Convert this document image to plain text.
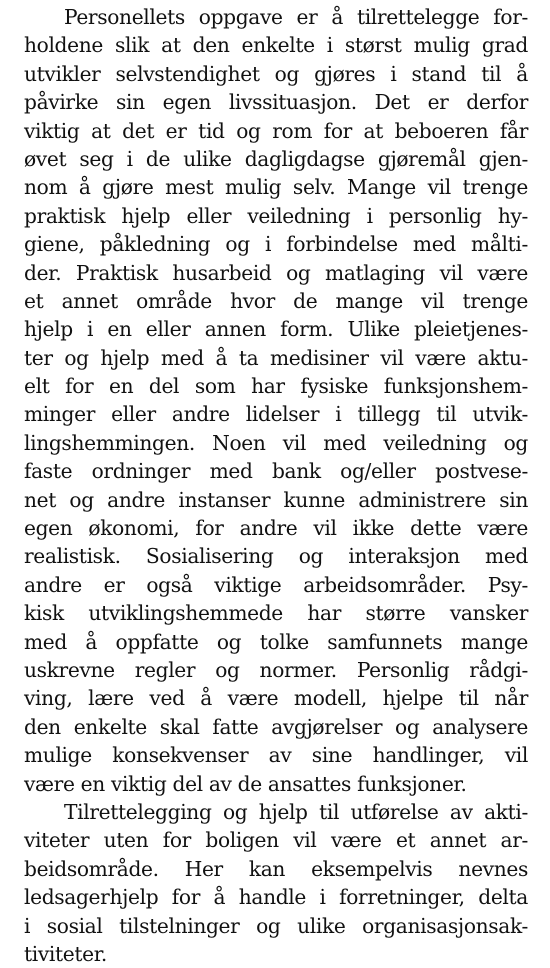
Personellets oppgave er å tilrettelegge for-
holdene slik at den enkelte i størst mulig grad
utvikler selvstendighet og gjøres i stand til å
påvirke sin egen livssituasjon. Det er derfor
viktig at det er tid og rom for at beboeren får
øvet seg i de ulike dagligdagse gjøremål gjen-
nom å gjøre mest mulig selv. Mange vil trenge
praktisk hjelp eller veiledning i personlig hy-
giene, påkledning og i forbindelse med målti-
der. Praktisk husarbeid og matlaging vil være
et annet område hvor de mange vil trenge
hjelp i en eller annen form. Ulike pleietjenes-
ter og hjelp med å ta medisiner vil være aktu-
elt for en del som har fysiske funksjonshem-
minger eller andre lidelser i tillegg til utvik-
lingshemmingen. Noen vil med veiledning og
faste ordninger med bank og/eller postvese-
net og andre instanser kunne administrere sin
egen økonomi, for andre vil ikke dette være
realistisk. Sosialisering og interaksjon med
andre er også viktige arbeidsområder. Psy-
kisk utviklingshemmede har større vansker
med å oppfatte og tolke samfunnets mange
uskrevne regler og normer. Personlig rådgi-
ving, lære ved å være modell, hjelpe til når
den enkelte skal fatte avgjørelser og analysere
mulige konsekvenser av sine handlinger, vil
være en viktig del av de ansattes funksjoner.
Tilrettelegging og hjelp til utførelse av akti-
viteter uten for boligen vil være et annet ar-
beidsområde. Her kan eksempelvis nevnes
ledsagerhjelp for å handle i forretninger, delta
i sosial tilstelninger og ulike organisasjonsak-
tiviteter.
